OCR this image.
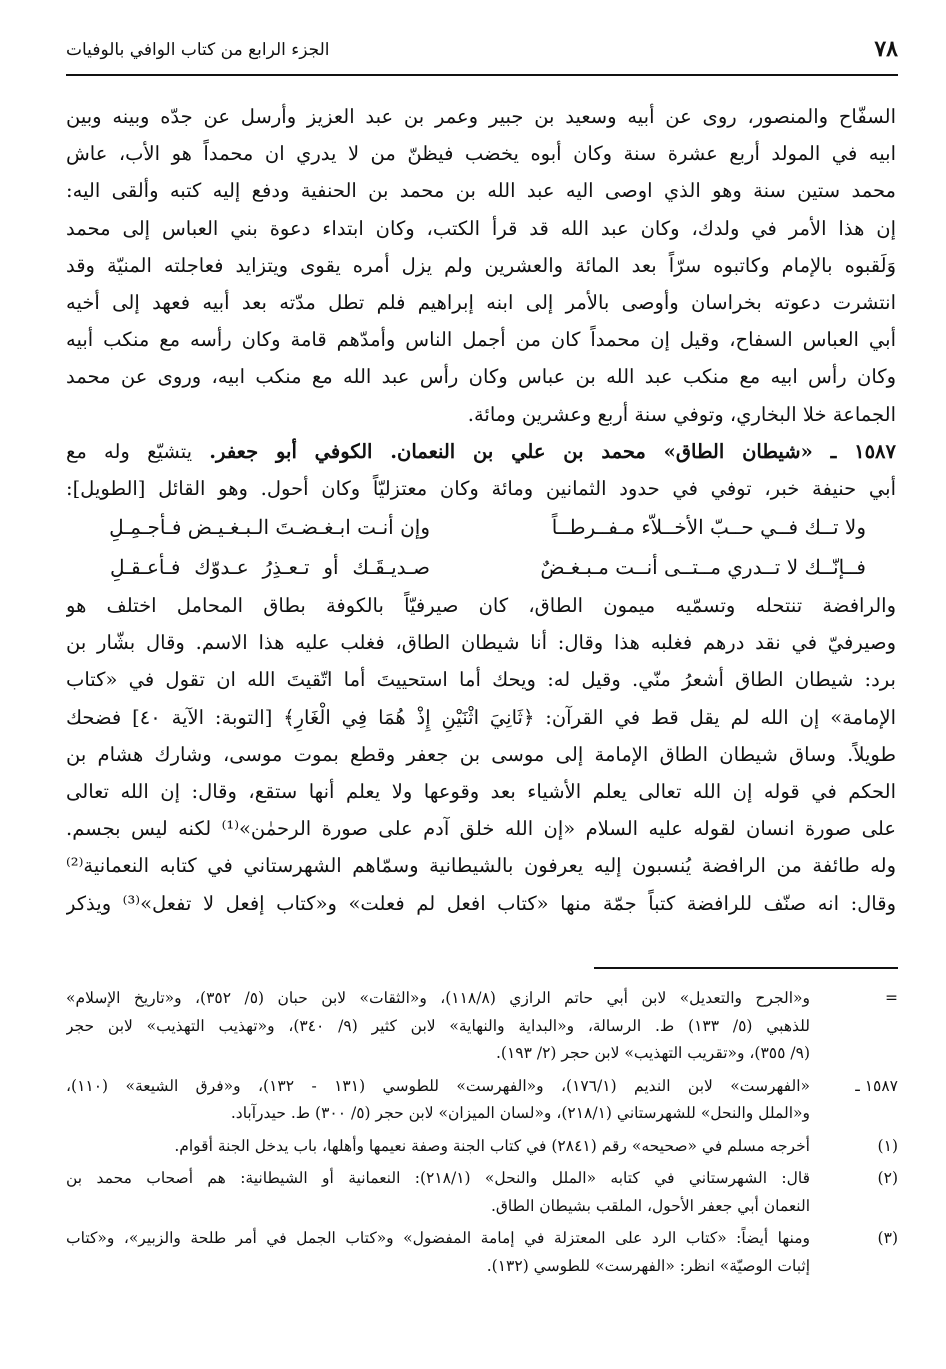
٧٨
الجزء الرابع من كتاب الوافي بالوفيات
السفّاح والمنصور، روى عن أبيه وسعيد بن جبير وعمر بن عبد العزيز وأرسل عن جدّه وبينه وبين
ابيه في المولد أربع عشرة سنة وكان أبوه يخضب فيظنّ من لا يدري ان محمداً هو الأب، عاش
محمد ستين سنة وهو الذي اوصى اليه عبد الله بن محمد بن الحنفية ودفع إليه كتبه وألقى اليه:
إن هذا الأمر في ولدك، وكان عبد الله قد قرأ الكتب، وكان ابتداء دعوة بني العباس إلى محمد
وَلَقبوه بالإمام وكاتبوه سرّاً بعد المائة والعشرين ولم يزل أمره يقوى ويتزايد فعاجلته المنيّة وقد
انتشرت دعوته بخراسان وأوصى بالأمر إلى ابنه إبراهيم فلم تطل مدّته بعد أبيه فعهد إلى أخيه
أبي العباس السفاح، وقيل إن محمداً كان من أجمل الناس وأمدّهم قامة وكان رأسه مع منكب أبيه
وكان رأس ابيه مع منكب عبد الله بن عباس وكان رأس عبد الله مع منكب ابيه، وروى عن محمد
الجماعة خلا البخاري، وتوفي سنة أربع وعشرين ومائة.
١٥٨٧ ـ «شيطان الطاق» محمد بن علي بن النعمان. الكوفي أبو جعفر. يتشيّع وله مع
أبي حنيفة خبر، توفي في حدود الثمانين ومائة وكان معتزليّاً وكان أحول. وهو القائل [الطويل]:
ولا تــك فــي حــبّ الأخــلاّء مـفــرطــاً
وإن أنـت ابـغـضـتَ الـبـغـيـض فـأجـمِـلِ
فــإنّــك لا تــدري مــتــى أنــت مـبـغـضٌ
صـديـقَـك أو تـعـذِرُ عـدوّك فـأعـقـلِ
والرافضة تنتحله وتسمّيه ميمون الطاق، كان صيرفيّاً بالكوفة بطاق المحامل اختلف هو
وصيرفيّ في نقد درهم فغلبه هذا وقال: أنا شيطان الطاق، فغلب عليه هذا الاسم. وقال بشّار بن
برد: شيطان الطاق أشعرُ منّي. وقيل له: ويحك أما استحييتَ أما اتّقيتَ الله ان تقول في «كتاب
الإمامة» إن الله لم يقل قط في القرآن: ﴿ثَانِيَ اثْنَيْنِ إِذْ هُمَا فِي الْغَارِ﴾ [التوبة: الآية ٤٠] فضحك
طويلاً. وساق شيطان الطاق الإمامة إلى موسى بن جعفر وقطع بموت موسى، وشارك هشام بن
الحكم في قوله إن الله تعالى يعلم الأشياء بعد وقوعها ولا يعلم أنها ستقع، وقال: إن الله تعالى
على صورة انسان لقوله عليه السلام «إن الله خلق آدم على صورة الرحمٰن»⁽¹⁾ لكنه ليس بجسم.
وله طائفة من الرافضة يُنسبون إليه يعرفون بالشيطانية وسمّاهم الشهرستاني في كتابه النعمانية⁽²⁾
وقال: انه صنّف للرافضة كتباً جمّة منها «كتاب افعل لم فعلت» و«كتاب إفعل لا تفعل»⁽³⁾ ويذكر
=
و«الجرح والتعديل» لابن أبي حاتم الرازي (١١٨/٨)، و«الثقات» لابن حبان (٥/ ٣٥٢)، و«تاريخ الإسلام»
للذهبي (٥/ ١٣٣) ط. الرسالة، و«البداية والنهاية» لابن كثير (٩/ ٣٤٠)، و«تهذيب التهذيب» لابن حجر
(٩/ ٣٥٥)، و«تقريب التهذيب» لابن حجر (٢/ ١٩٣).
١٥٨٧ ـ
«الفهرست» لابن النديم (١٧٦/١)، و«الفهرست» للطوسي (١٣١ - ١٣٢)، و«فرق الشيعة» (١١٠)،
و«الملل والنحل» للشهرستاني (٢١٨/١)، و«لسان الميزان» لابن حجر (٥/ ٣٠٠) ط. حيدرآباد.
(١)
أخرجه مسلم في «صحيحه» رقم (٢٨٤١) في كتاب الجنة وصفة نعيمها وأهلها، باب يدخل الجنة أقوام.
(٢)
قال: الشهرستاني في كتابه «الملل والنحل» (٢١٨/١): النعمانية أو الشيطانية: هم أصحاب محمد بن
النعمان أبي جعفر الأحول، الملقب بشيطان الطاق.
(٣)
ومنها أيضاً: «كتاب الرد على المعتزلة في إمامة المفضول» و«كتاب الجمل في أمر طلحة والزبير»، و«كتاب
إثبات الوصيّة» انظر: «الفهرست» للطوسي (١٣٢).
